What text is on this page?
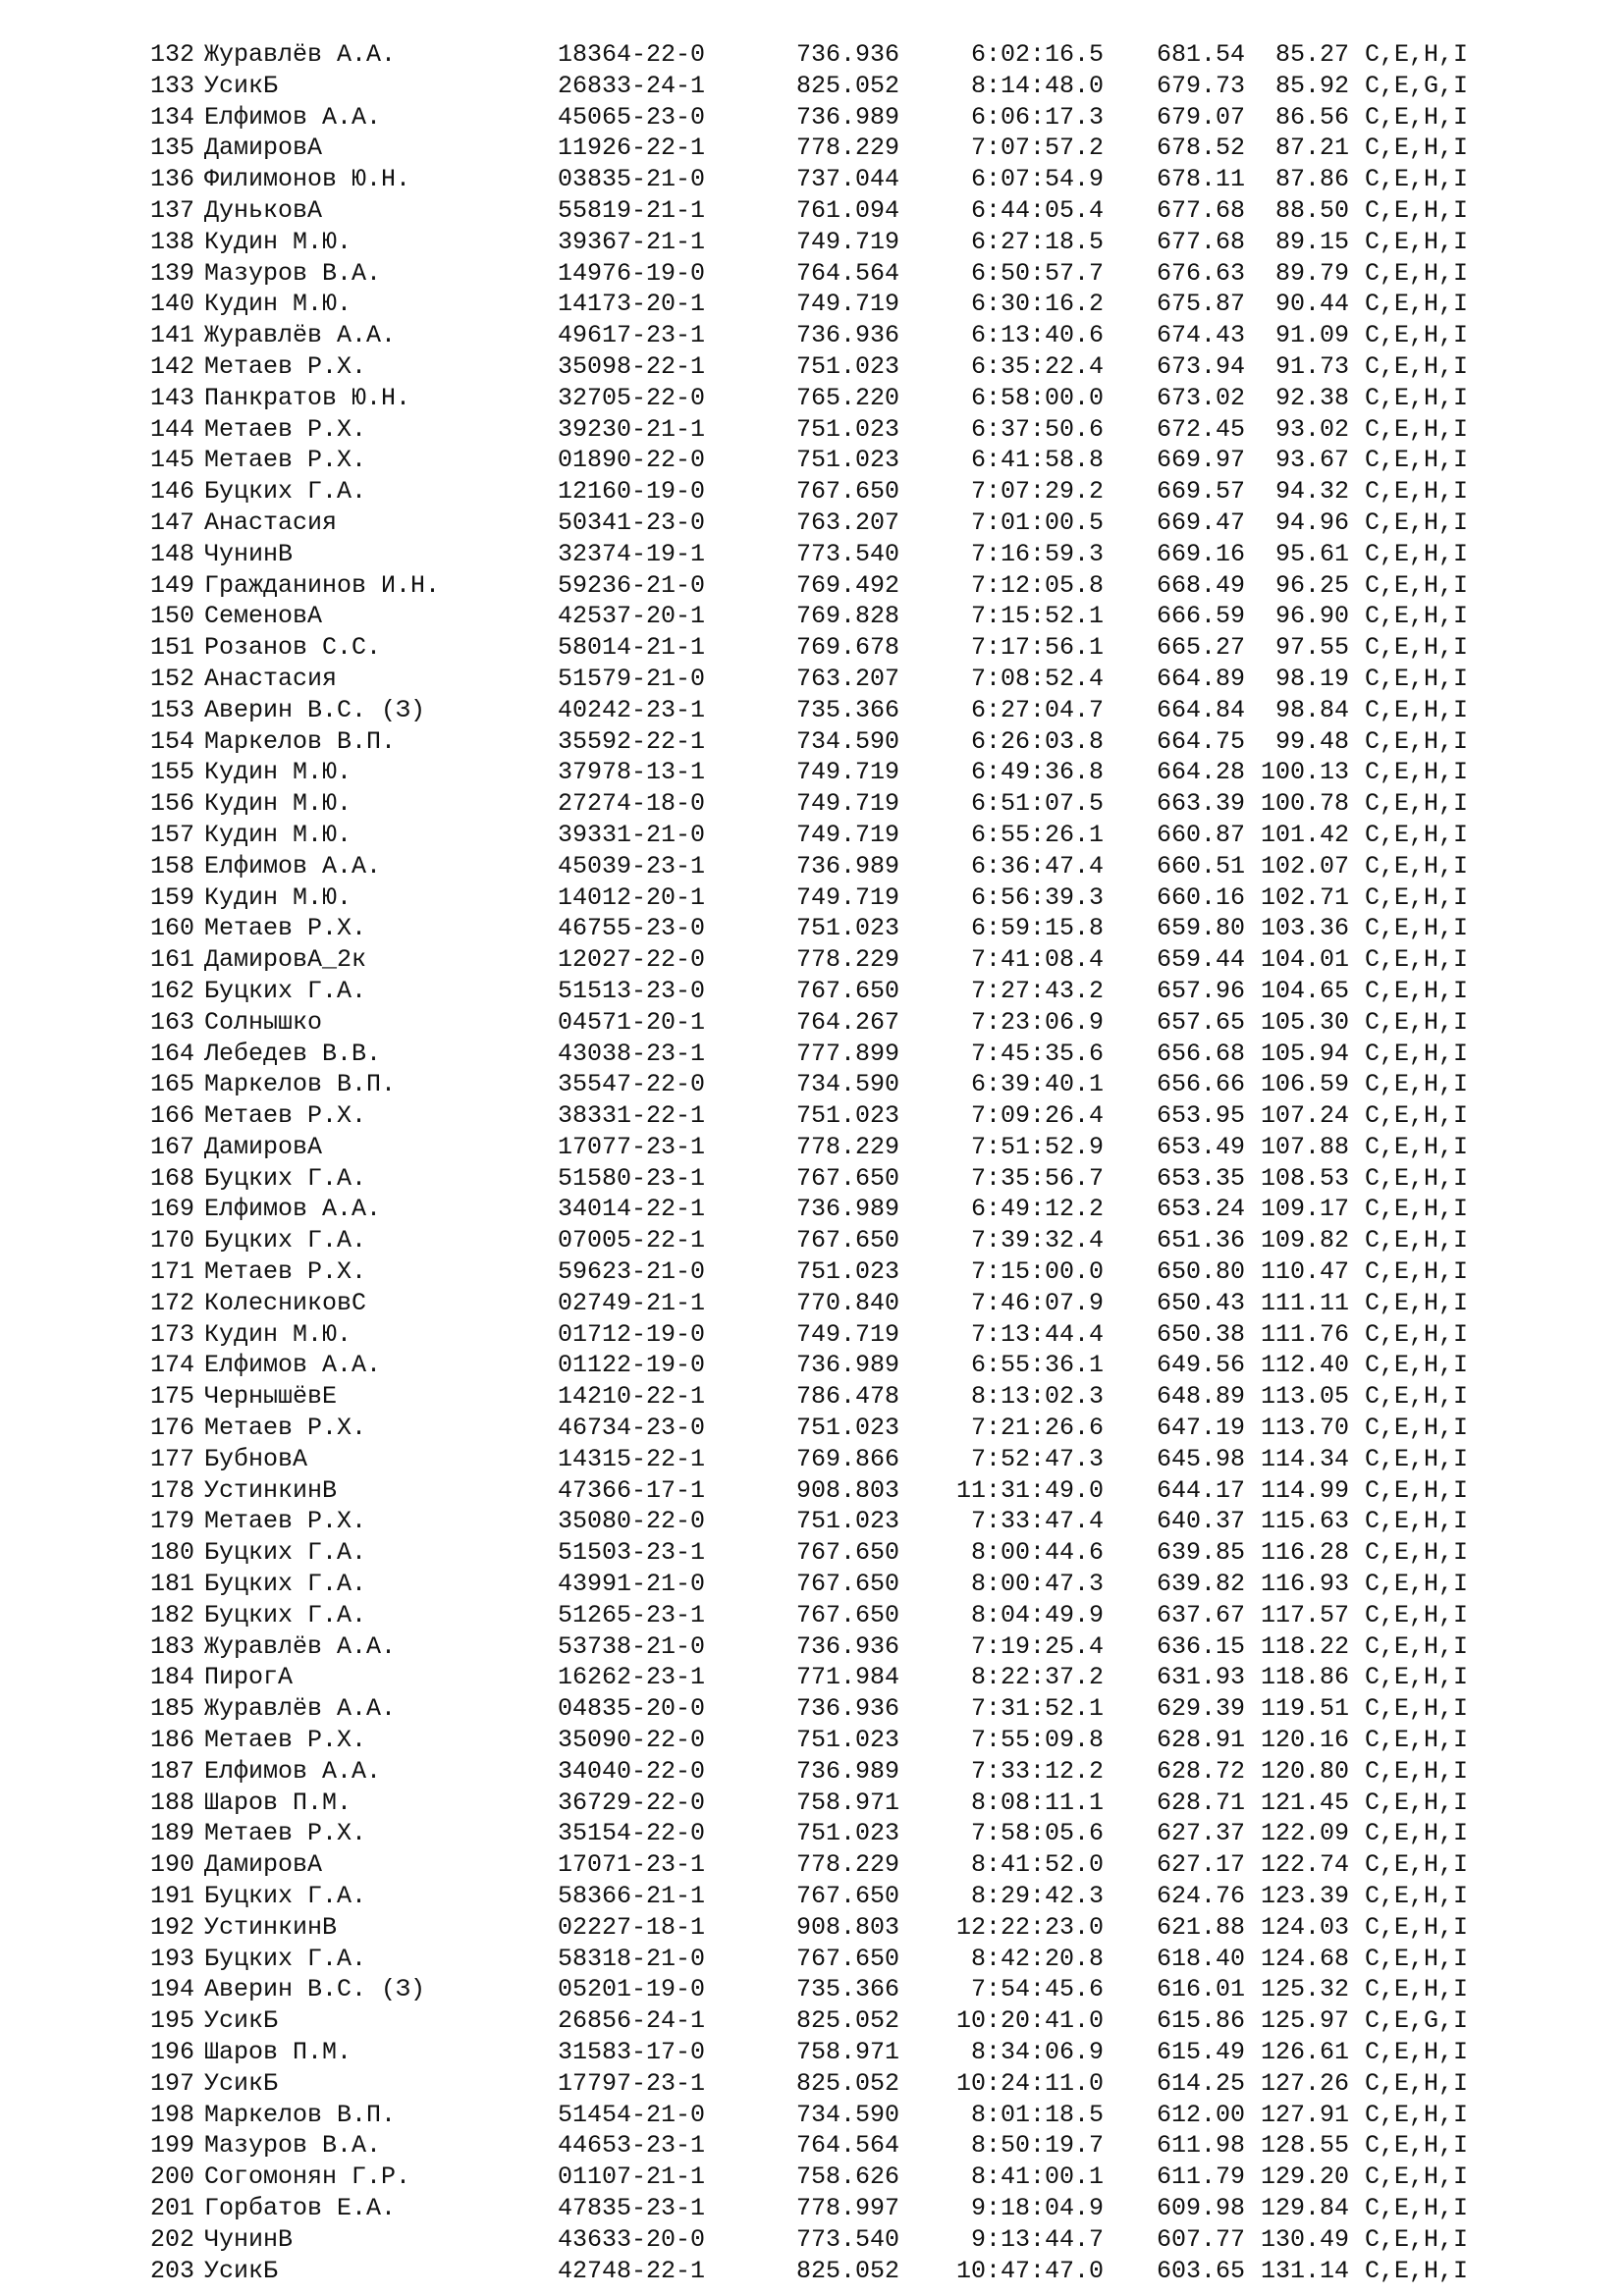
132 Журавлёв А.А.	18364-22-0	736.936	6:02:16.5	681.54	85.27 C,E,H,I
133 УсикБ	26833-24-1	825.052	8:14:48.0	679.73	85.92 C,E,G,I
134 Елфимов А.А.	45065-23-0	736.989	6:06:17.3	679.07	86.56 C,E,H,I
135 ДамировА	11926-22-1	778.229	7:07:57.2	678.52	87.21 C,E,H,I
136 Филимонов Ю.Н.	03835-21-0	737.044	6:07:54.9	678.11	87.86 C,E,H,I
137 ДуньковА	55819-21-1	761.094	6:44:05.4	677.68	88.50 C,E,H,I
138 Кудин М.Ю.	39367-21-1	749.719	6:27:18.5	677.68	89.15 C,E,H,I
139 Мазуров В.А.	14976-19-0	764.564	6:50:57.7	676.63	89.79 C,E,H,I
140 Кудин М.Ю.	14173-20-1	749.719	6:30:16.2	675.87	90.44 C,E,H,I
141 Журавлёв А.А.	49617-23-1	736.936	6:13:40.6	674.43	91.09 C,E,H,I
142 Метаев Р.Х.	35098-22-1	751.023	6:35:22.4	673.94	91.73 C,E,H,I
143 Панкратов Ю.Н.	32705-22-0	765.220	6:58:00.0	673.02	92.38 C,E,H,I
144 Метаев Р.Х.	39230-21-1	751.023	6:37:50.6	672.45	93.02 C,E,H,I
145 Метаев Р.Х.	01890-22-0	751.023	6:41:58.8	669.97	93.67 C,E,H,I
146 Буцких Г.А.	12160-19-0	767.650	7:07:29.2	669.57	94.32 C,E,H,I
147 Анастасия	50341-23-0	763.207	7:01:00.5	669.47	94.96 C,E,H,I
148 ЧунинВ	32374-19-1	773.540	7:16:59.3	669.16	95.61 C,E,H,I
149 Гражданинов И.Н.	59236-21-0	769.492	7:12:05.8	668.49	96.25 C,E,H,I
150 СеменовА	42537-20-1	769.828	7:15:52.1	666.59	96.90 C,E,H,I
151 Розанов С.С.	58014-21-1	769.678	7:17:56.1	665.27	97.55 C,E,H,I
152 Анастасия	51579-21-0	763.207	7:08:52.4	664.89	98.19 C,E,H,I
153 Аверин В.С. (З)	40242-23-1	735.366	6:27:04.7	664.84	98.84 C,E,H,I
154 Маркелов В.П.	35592-22-1	734.590	6:26:03.8	664.75	99.48 C,E,H,I
155 Кудин М.Ю.	37978-13-1	749.719	6:49:36.8	664.28 100.13 C,E,H,I
156 Кудин М.Ю.	27274-18-0	749.719	6:51:07.5	663.39 100.78 C,E,H,I
157 Кудин М.Ю.	39331-21-0	749.719	6:55:26.1	660.87 101.42 C,E,H,I
158 Елфимов А.А.	45039-23-1	736.989	6:36:47.4	660.51 102.07 C,E,H,I
159 Кудин М.Ю.	14012-20-1	749.719	6:56:39.3	660.16 102.71 C,E,H,I
160 Метаев Р.Х.	46755-23-0	751.023	6:59:15.8	659.80 103.36 C,E,H,I
161 ДамировА_2к	12027-22-0	778.229	7:41:08.4	659.44 104.01 C,E,H,I
162 Буцких Г.А.	51513-23-0	767.650	7:27:43.2	657.96 104.65 C,E,H,I
163 Солнышко	04571-20-1	764.267	7:23:06.9	657.65 105.30 C,E,H,I
164 Лебедев В.В.	43038-23-1	777.899	7:45:35.6	656.68 105.94 C,E,H,I
165 Маркелов В.П.	35547-22-0	734.590	6:39:40.1	656.66 106.59 C,E,H,I
166 Метаев Р.Х.	38331-22-1	751.023	7:09:26.4	653.95 107.24 C,E,H,I
167 ДамировА	17077-23-1	778.229	7:51:52.9	653.49 107.88 C,E,H,I
168 Буцких Г.А.	51580-23-1	767.650	7:35:56.7	653.35 108.53 C,E,H,I
169 Елфимов А.А.	34014-22-1	736.989	6:49:12.2	653.24 109.17 C,E,H,I
170 Буцких Г.А.	07005-22-1	767.650	7:39:32.4	651.36 109.82 C,E,H,I
171 Метаев Р.Х.	59623-21-0	751.023	7:15:00.0	650.80 110.47 C,E,H,I
172 КолесниковС	02749-21-1	770.840	7:46:07.9	650.43 111.11 C,E,H,I
173 Кудин М.Ю.	01712-19-0	749.719	7:13:44.4	650.38 111.76 C,E,H,I
174 Елфимов А.А.	01122-19-0	736.989	6:55:36.1	649.56 112.40 C,E,H,I
175 ЧернышёвЕ	14210-22-1	786.478	8:13:02.3	648.89 113.05 C,E,H,I
176 Метаев Р.Х.	46734-23-0	751.023	7:21:26.6	647.19 113.70 C,E,H,I
177 БубновА	14315-22-1	769.866	7:52:47.3	645.98 114.34 C,E,H,I
178 УстинкинВ	47366-17-1	908.803	11:31:49.0	644.17 114.99 C,E,H,I
179 Метаев Р.Х.	35080-22-0	751.023	7:33:47.4	640.37 115.63 C,E,H,I
180 Буцких Г.А.	51503-23-1	767.650	8:00:44.6	639.85 116.28 C,E,H,I
181 Буцких Г.А.	43991-21-0	767.650	8:00:47.3	639.82 116.93 C,E,H,I
182 Буцких Г.А.	51265-23-1	767.650	8:04:49.9	637.67 117.57 C,E,H,I
183 Журавлёв А.А.	53738-21-0	736.936	7:19:25.4	636.15 118.22 C,E,H,I
184 ПирогА	16262-23-1	771.984	8:22:37.2	631.93 118.86 C,E,H,I
185 Журавлёв А.А.	04835-20-0	736.936	7:31:52.1	629.39 119.51 C,E,H,I
186 Метаев Р.Х.	35090-22-0	751.023	7:55:09.8	628.91 120.16 C,E,H,I
187 Елфимов А.А.	34040-22-0	736.989	7:33:12.2	628.72 120.80 C,E,H,I
188 Шаров П.М.	36729-22-0	758.971	8:08:11.1	628.71 121.45 C,E,H,I
189 Метаев Р.Х.	35154-22-0	751.023	7:58:05.6	627.37 122.09 C,E,H,I
190 ДамировА	17071-23-1	778.229	8:41:52.0	627.17 122.74 C,E,H,I
191 Буцких Г.А.	58366-21-1	767.650	8:29:42.3	624.76 123.39 C,E,H,I
192 УстинкинВ	02227-18-1	908.803	12:22:23.0	621.88 124.03 C,E,H,I
193 Буцких Г.А.	58318-21-0	767.650	8:42:20.8	618.40 124.68 C,E,H,I
194 Аверин В.С. (З)	05201-19-0	735.366	7:54:45.6	616.01 125.32 C,E,H,I
195 УсикБ	26856-24-1	825.052	10:20:41.0	615.86 125.97 C,E,G,I
196 Шаров П.М.	31583-17-0	758.971	8:34:06.9	615.49 126.61 C,E,H,I
197 УсикБ	17797-23-1	825.052	10:24:11.0	614.25 127.26 C,E,H,I
198 Маркелов В.П.	51454-21-0	734.590	8:01:18.5	612.00 127.91 C,E,H,I
199 Мазуров В.А.	44653-23-1	764.564	8:50:19.7	611.98 128.55 C,E,H,I
200 Согомонян Г.Р.	01107-21-1	758.626	8:41:00.1	611.79 129.20 C,E,H,I
201 Горбатов Е.А.	47835-23-1	778.997	9:18:04.9	609.98 129.84 C,E,H,I
202 ЧунинВ	43633-20-0	773.540	9:13:44.7	607.77 130.49 C,E,H,I
203 УсикБ	42748-22-1	825.052	10:47:47.0	603.65 131.14 C,E,H,I
